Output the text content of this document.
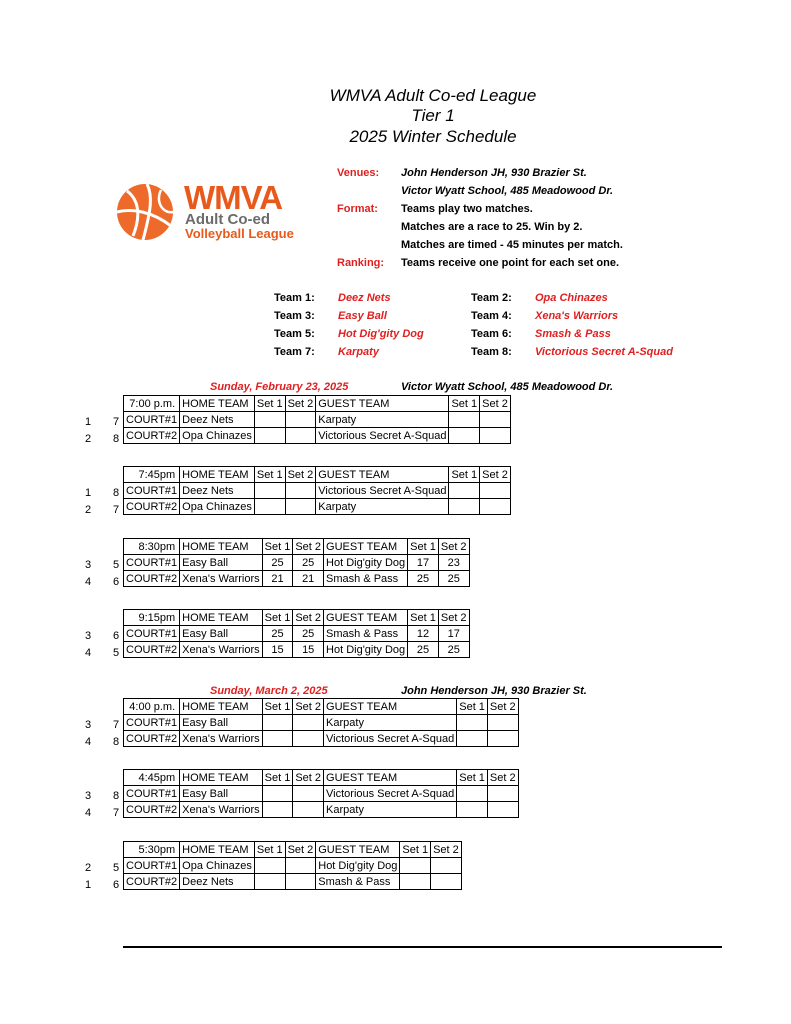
WMVA Adult Co-ed League
Tier 1
2025 Winter Schedule
WMVA
Adult Co-ed
Volleyball League
Venues: John Henderson JH, 930 Brazier St.
Victor Wyatt School, 485 Meadowood Dr.
Format: Teams play two matches.
Matches are a race to 25. Win by 2.
Matches are timed - 45 minutes per match.
Ranking: Teams receive one point for each set one.
Team 1: Deez Nets	Team 2: Opa Chinazes
Team 3: Easy Ball	Team 4: Xena's Warriors
Team 5: Hot Dig'gity Dog	Team 6: Smash & Pass
Team 7: Karpaty	Team 8: Victorious Secret A-Squad
Sunday, February 23, 2025	Victor Wyatt School, 485 Meadowood Dr.
Sunday, March 2, 2025	John Henderson JH, 930 Brazier St.
1 7
2 8
7:00 p.m.	HOME TEAM	Set 1	Set 2	GUEST TEAM	Set 1	Set 2
COURT#1	Deez Nets			Karpaty		
COURT#2	Opa Chinazes			Victorious Secret A-Squad		
1 8
2 7
7:45pm	HOME TEAM	Set 1	Set 2	GUEST TEAM	Set 1	Set 2
COURT#1	Deez Nets			Victorious Secret A-Squad		
COURT#2	Opa Chinazes			Karpaty		
3 5
4 6
8:30pm	HOME TEAM	Set 1	Set 2	GUEST TEAM	Set 1	Set 2
COURT#1	Easy Ball	25	25	Hot Dig'gity Dog	17	23
COURT#2	Xena's Warriors	21	21	Smash & Pass	25	25
3 6
4 5
9:15pm	HOME TEAM	Set 1	Set 2	GUEST TEAM	Set 1	Set 2
COURT#1	Easy Ball	25	25	Smash & Pass	12	17
COURT#2	Xena's Warriors	15	15	Hot Dig'gity Dog	25	25
3 7
4 8
4:00 p.m.	HOME TEAM	Set 1	Set 2	GUEST TEAM	Set 1	Set 2
COURT#1	Easy Ball			Karpaty		
COURT#2	Xena's Warriors			Victorious Secret A-Squad		
3 8
4 7
4:45pm	HOME TEAM	Set 1	Set 2	GUEST TEAM	Set 1	Set 2
COURT#1	Easy Ball			Victorious Secret A-Squad		
COURT#2	Xena's Warriors			Karpaty		
2 5
1 6
5:30pm	HOME TEAM	Set 1	Set 2	GUEST TEAM	Set 1	Set 2
COURT#1	Opa Chinazes			Hot Dig'gity Dog		
COURT#2	Deez Nets			Smash & Pass		
